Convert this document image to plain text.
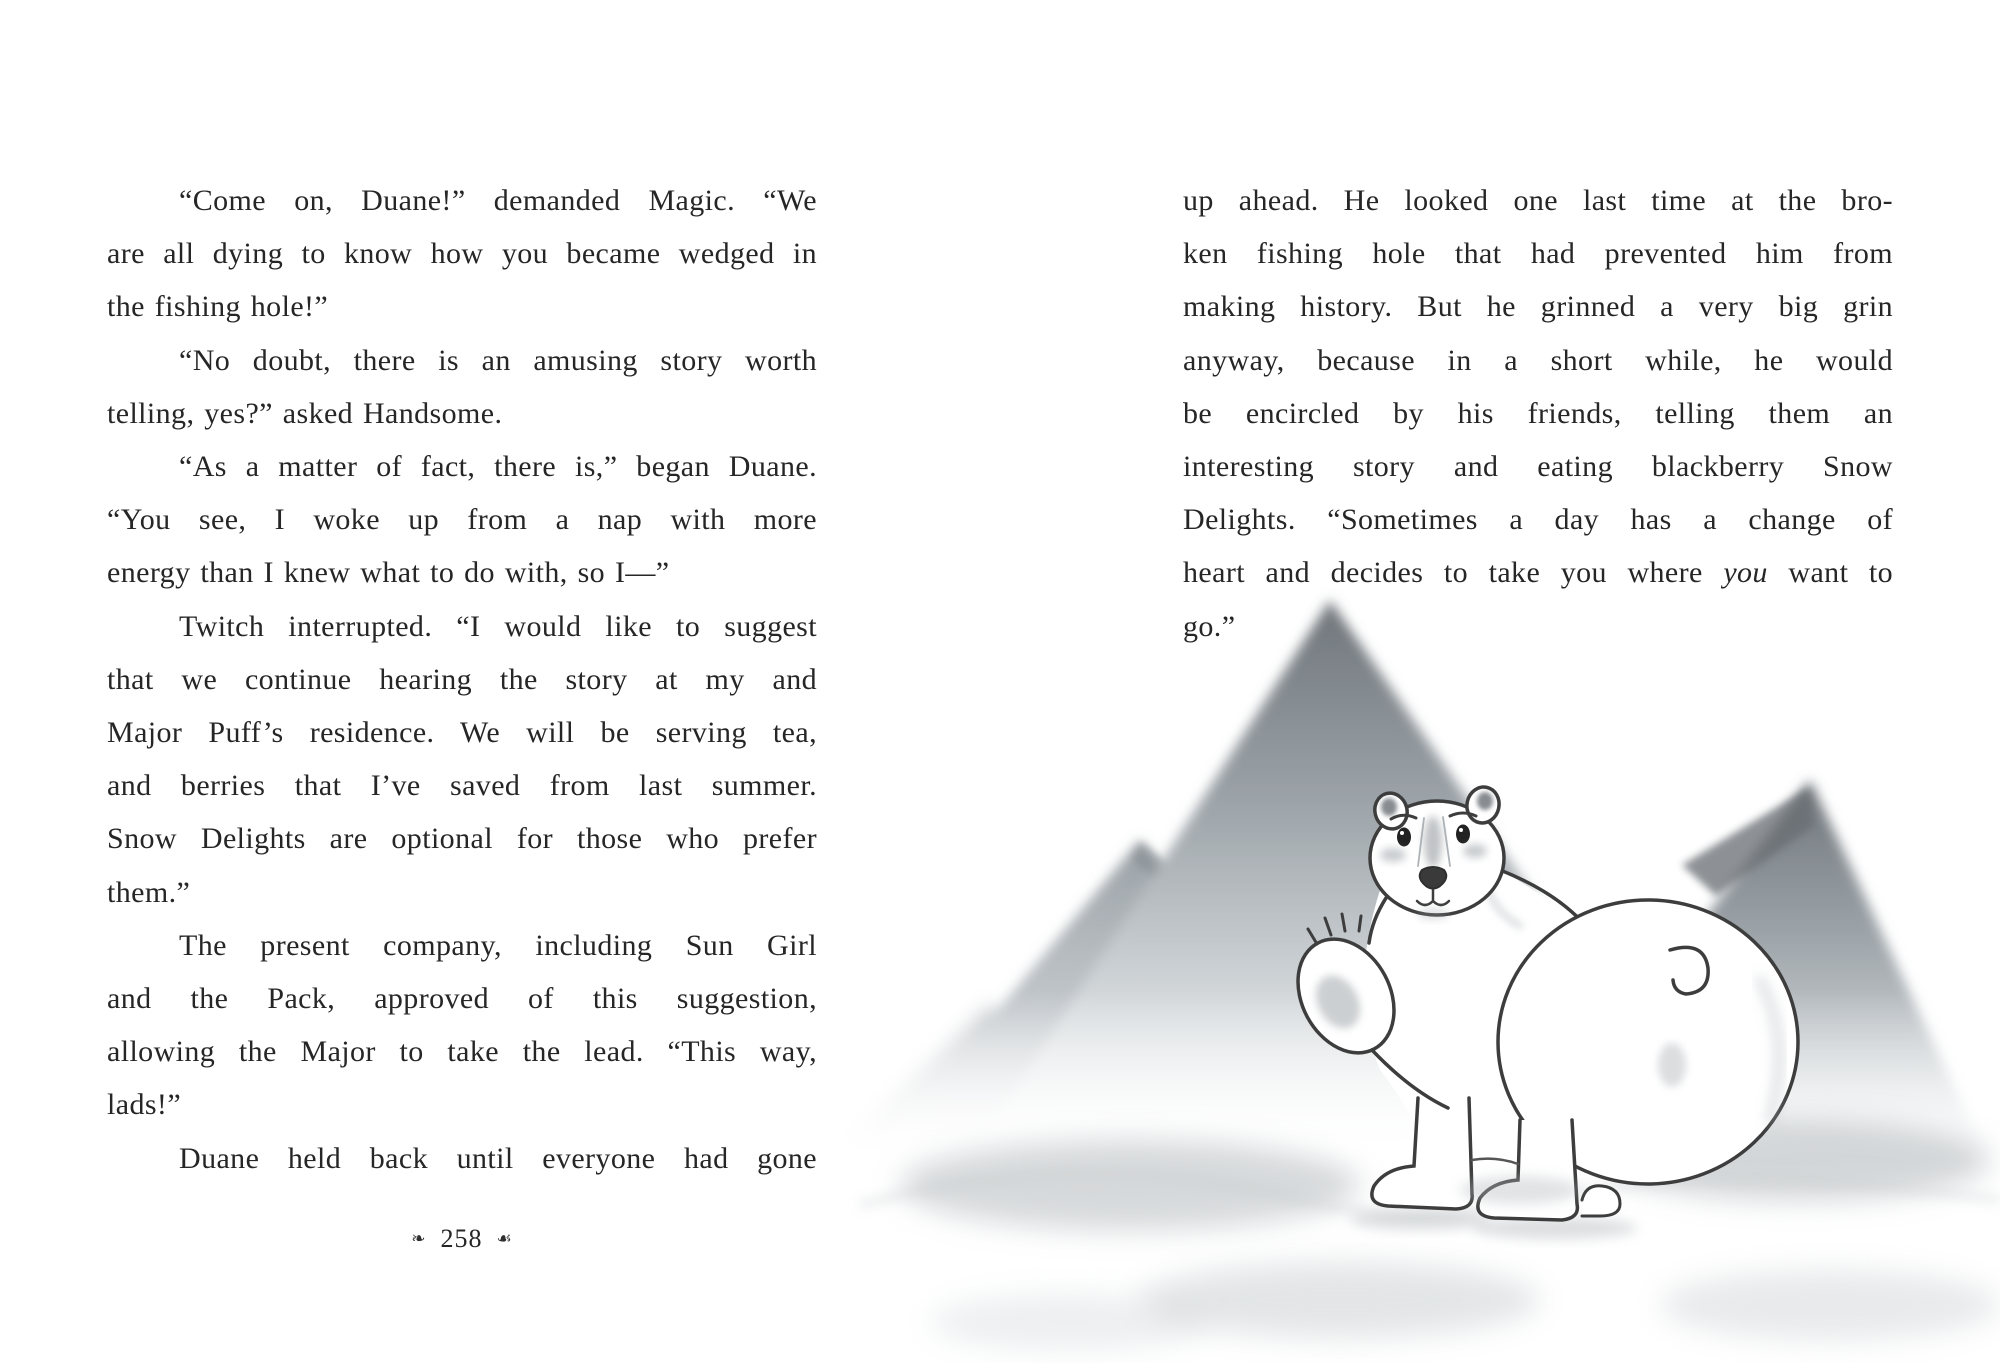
“Come on, Duane!” demanded Magic. “We
are all dying to know how you became wedged in
the fishing hole!”
“No doubt, there is an amusing story worth
telling, yes?” asked Handsome.
“As a matter of fact, there is,” began Duane.
“You see, I woke up from a nap with more
energy than I knew what to do with, so I—”
Twitch interrupted. “I would like to suggest
that we continue hearing the story at my and
Major Puff’s residence. We will be serving tea,
and berries that I’ve saved from last summer.
Snow Delights are optional for those who prefer
them.”
The present company, including Sun Girl
and the Pack, approved of this suggestion,
allowing the Major to take the lead. “This way,
lads!”
Duane held back until everyone had gone
❧ 258 ☙
up ahead. He looked one last time at the bro-
ken fishing hole that had prevented him from
making history. But he grinned a very big grin
anyway, because in a short while, he would
be encircled by his friends, telling them an
interesting story and eating blackberry Snow
Delights. “Sometimes a day has a change of
heart and decides to take you where you want to
go.”
